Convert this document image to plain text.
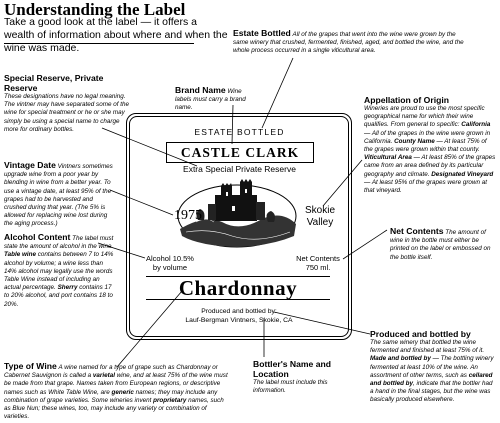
Understanding the Label
Take a good look at the label — it offers a wealth of information about where and when the wine was made.
ESTATE BOTTLED
CASTLE CLARK
Extra Special Private Reserve
1975	Skokie
Valley
Alcohol 10.5%
by volume
Net Contents
750 ml.
Chardonnay
Produced and bottled by:
Lauf-Bergman Vintners, Skokie, CA
Estate Bottled All of the grapes that went into the wine were grown by the same winery that crushed, fermented, finished, aged, and bottled the wine, and the whole process occurred in a single viticultural area.
Special Reserve, Private Reserve
These designations have no legal meaning. The vintner may have separated some of the wine for special treatment or he or she may simply be using a special name to charge more for ordinary bottles.
Brand Name Wine labels must carry a brand name.
Appellation of Origin
Wineries are proud to use the most specific geographical name for which their wine qualifies. From general to specific: California — All of the grapes in the wine were grown in California. County Name — At least 75% of the grapes were grown within that county. Viticultural Area — At least 85% of the grapes came from an area defined by its particular geography and climate. Designated Vineyard — At least 95% of the grapes were grown at that vineyard.
Vintage Date Vintners sometimes upgrade wine from a poor year by blending in wine from a better year. To use a vintage date, at least 95% of the grapes had to be harvested and crushed during that year. (The 5% is allowed for replacing wine lost during the aging process.)
Net Contents The amount of wine in the bottle must either be printed on the label or embossed on the bottle itself.
Alcohol Content The label must state the amount of alcohol in the wine. Table wine contains between 7 to 14% alcohol by volume; a wine less than 14% alcohol may legally use the words Table Wine instead of including an actual percentage. Sherry contains 17 to 20% alcohol, and port contains 18 to 20%.
Produced and bottled by
The same winery that bottled the wine fermented and finished at least 75% of it. Made and bottled by — The bottling winery fermented at least 10% of the wine. An assortment of other terms, such as cellared and bottled by, indicate that the bottler had a hand in the final stages, but the wine was basically produced elsewhere.
Type of Wine A wine named for a type of grape such as Chardonnay or Cabernet Sauvignon is called a varietal wine, and at least 75% of the wine must be made from that grape. Names taken from European regions, or descriptive names such as White Table Wine, are generic names; they may include any combination of grape varieties. Some wineries invent proprietary names, such as Blue Nun; these wines, too, may include any variety or combination of varieties.
Bottler's Name and Location
The label must include this information.
